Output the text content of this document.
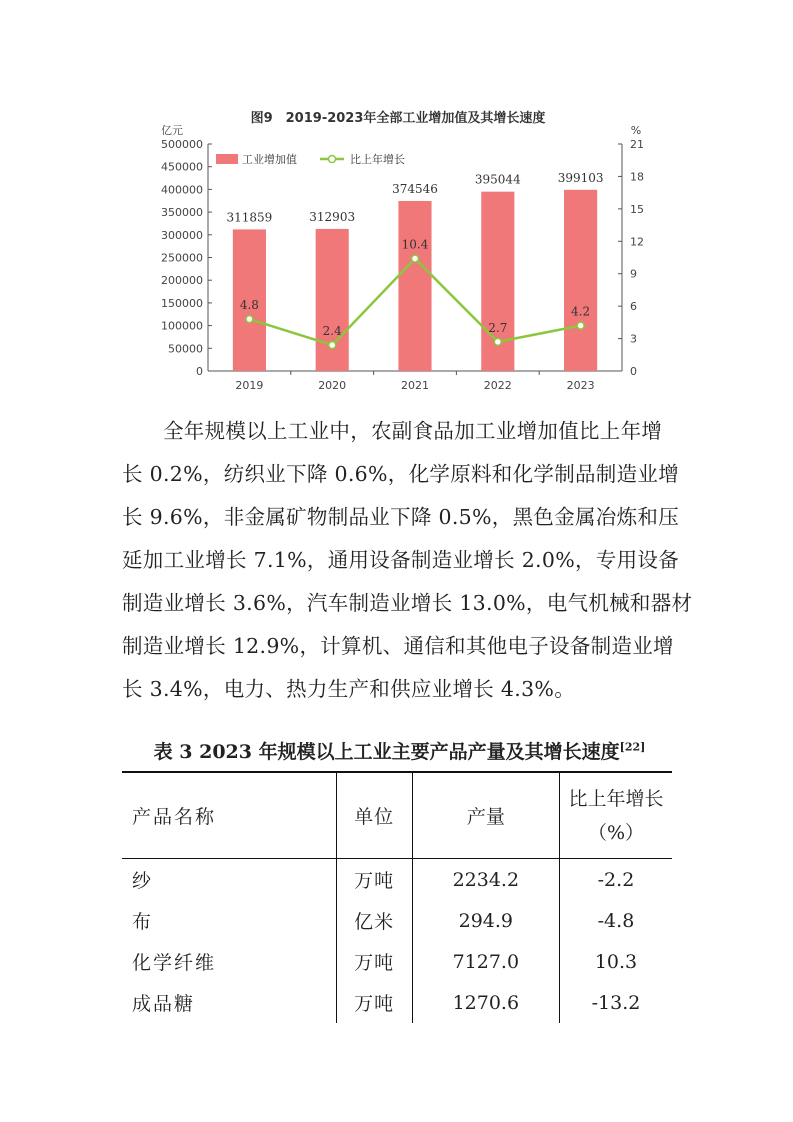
图9　2019-2023年全部工业增加值及其增长速度
亿元	%
0
50000
100000
150000
200000
250000
300000
350000
400000
450000
500000
0
3
6
9
12
15
18
21
2019	2020	2021	2022	2023
311859	312903
374546
395044	399103
4.8
2.4
10.4
2.7
4.2
工业增加值	比上年增长
全年规模以上工业中，农副食品加工业增加值比上年增
长 0.2%，纺织业下降 0.6%，化学原料和化学制品制造业增
长 9.6%，非金属矿物制品业下降 0.5%，黑色金属冶炼和压
延加工业增长 7.1%，通用设备制造业增长 2.0%，专用设备
制造业增长 3.6%，汽车制造业增长 13.0%，电气机械和器材
制造业增长 12.9%，计算机、通信和其他电子设备制造业增
长 3.4%，电力、热力生产和供应业增长 4.3%。
表 3 2023 年规模以上工业主要产品产量及其增长速度[22]
产品名称	单位	产量	比上年增长
（%）

纱	万吨	2234.2	-2.2
布	亿米	294.9	-4.8
化学纤维	万吨	7127.0	10.3
成品糖	万吨	1270.6	-13.2
